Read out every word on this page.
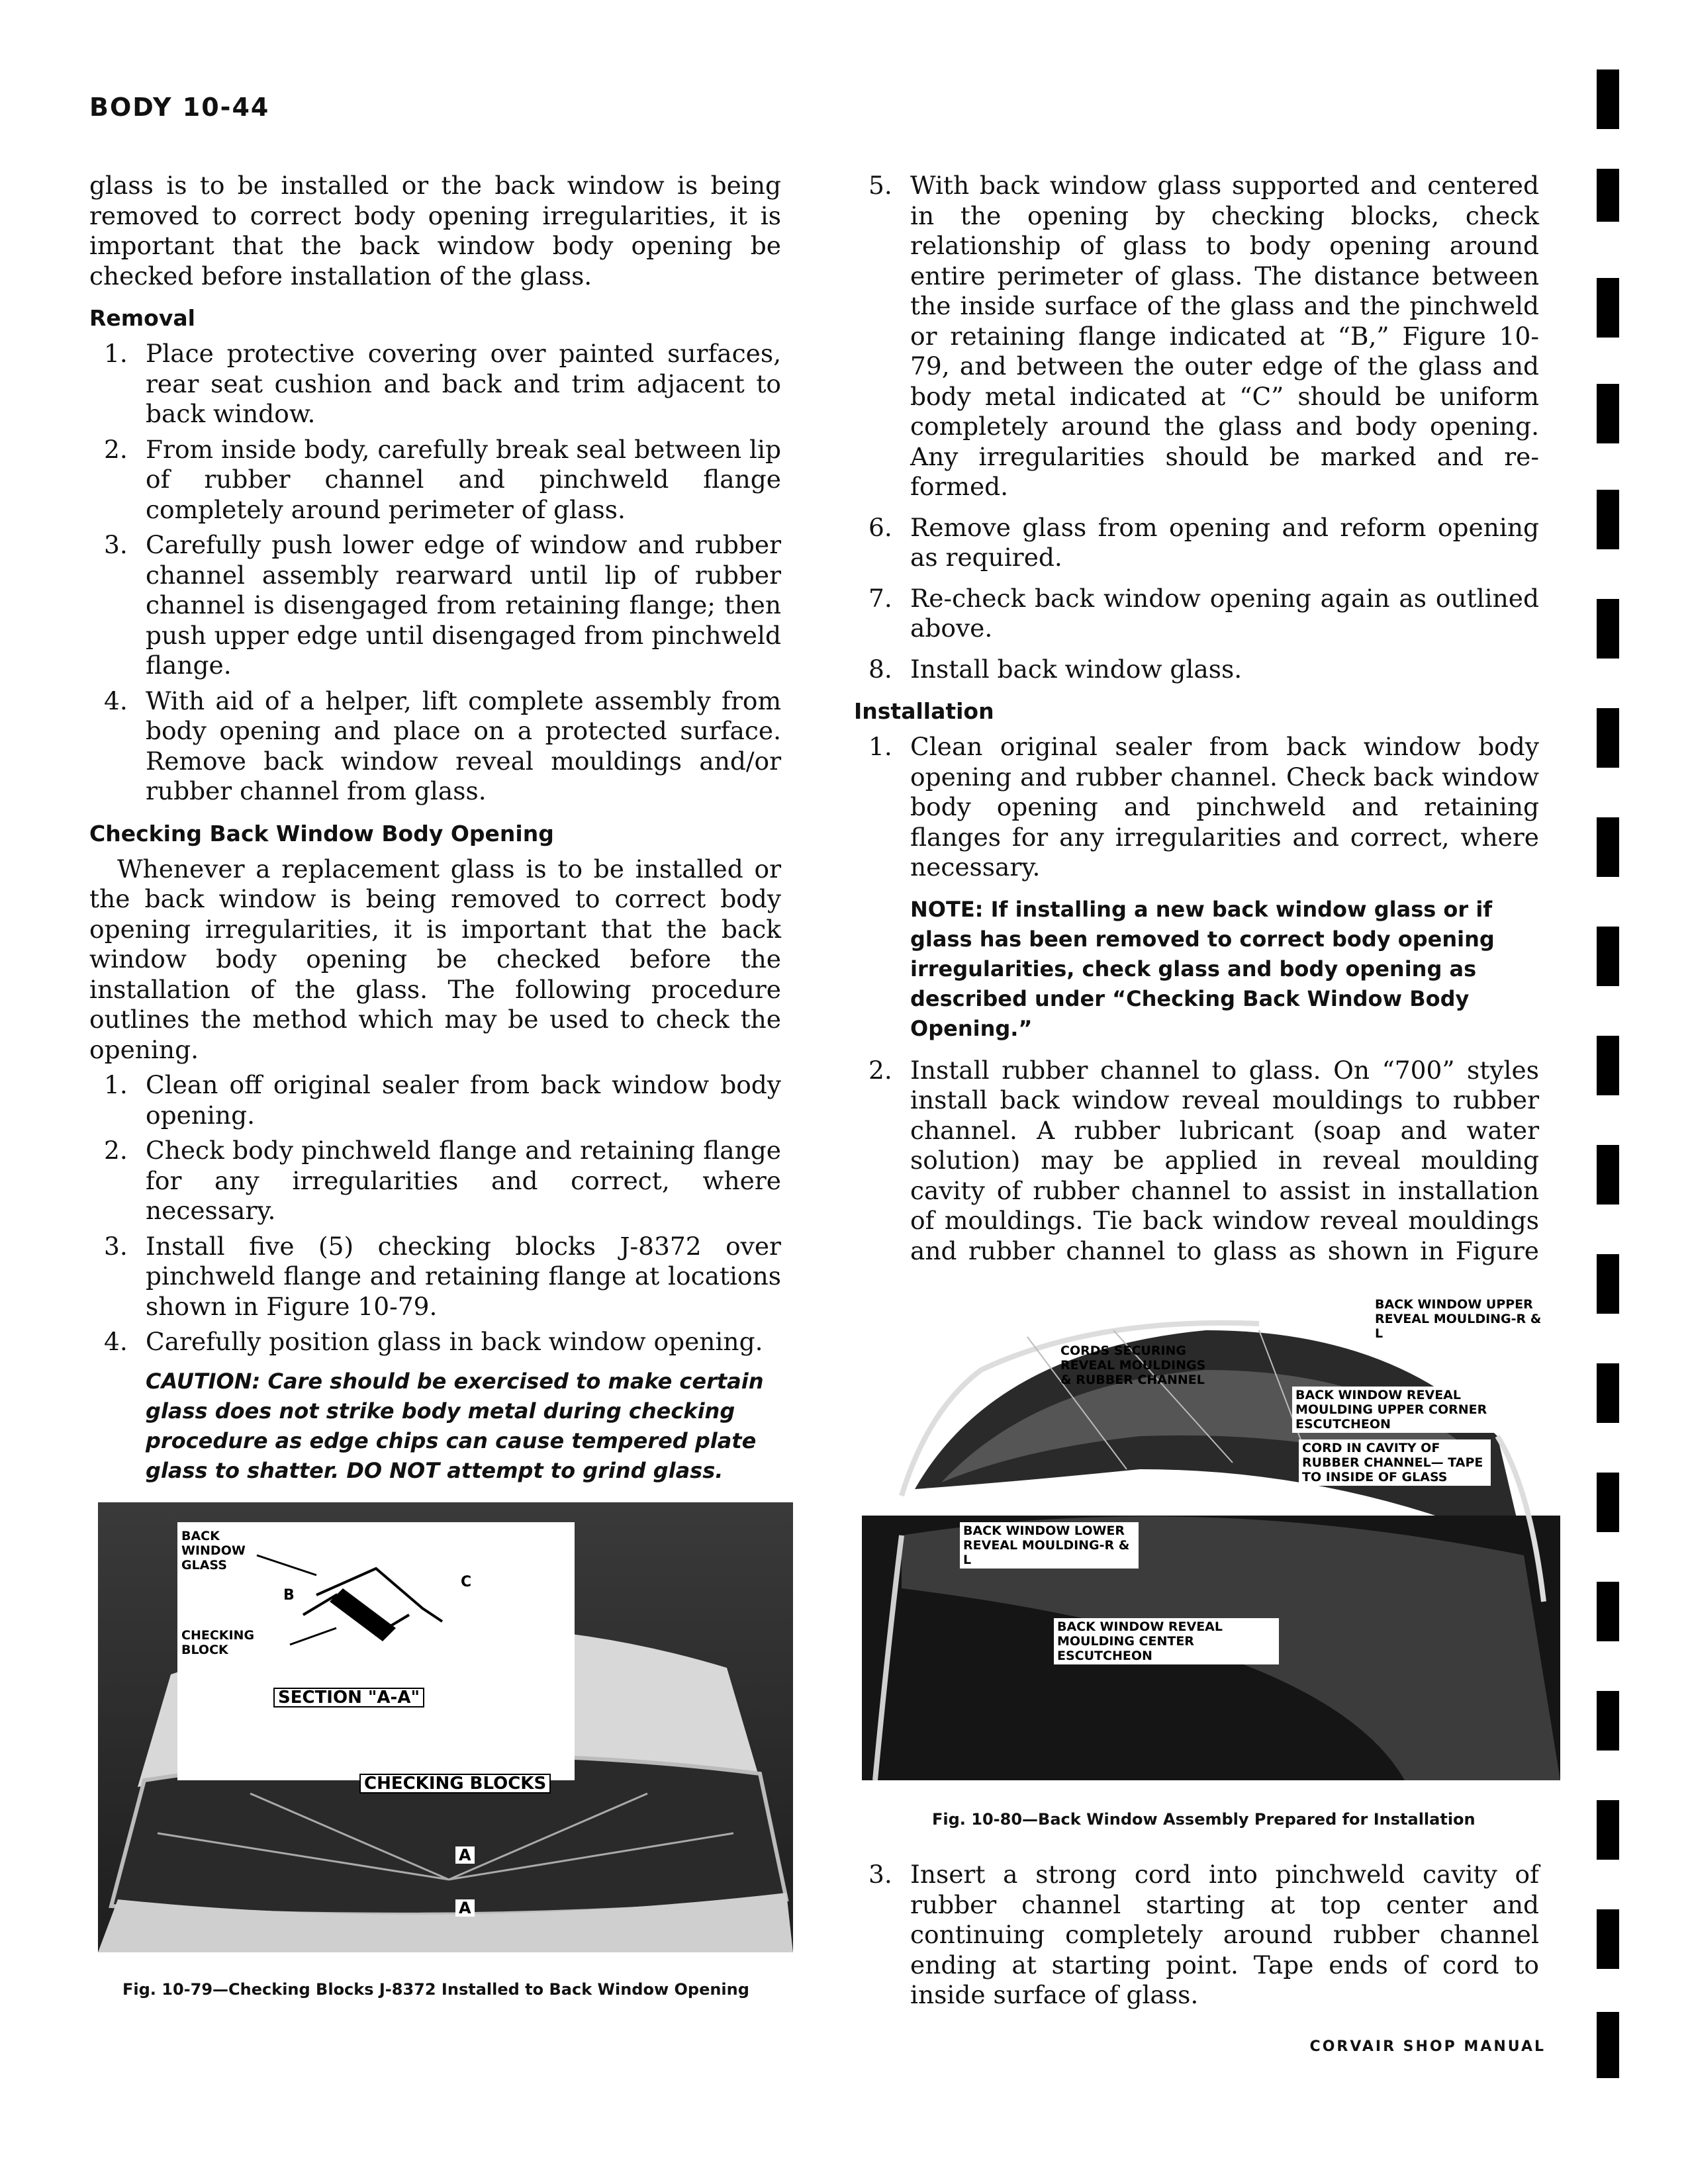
BODY 10-44
CORVAIR SHOP MANUAL

glass is to be installed or the back window is being removed to correct body opening irregularities, it is important that the back window body opening be checked before installation of the glass.

Removal
1. Place protective covering over painted surfaces, rear seat cushion and back and trim adjacent to back window.
2. From inside body, carefully break seal between lip of rubber channel and pinchweld flange completely around perimeter of glass.
3. Carefully push lower edge of window and rubber channel assembly rearward until lip of rubber channel is disengaged from retaining flange; then push upper edge until disengaged from pinchweld flange.
4. With aid of a helper, lift complete assembly from body opening and place on a protected surface. Remove back window reveal mouldings and/or rubber channel from glass.
Checking Back Window Body Opening

Whenever a replacement glass is to be installed or the back window is being removed to correct body opening irregularities, it is important that the back window body opening be checked before the installation of the glass. The following procedure outlines the method which may be used to check the opening.

1. Clean off original sealer from back window body opening.
2. Check body pinchweld flange and retaining flange for any irregularities and correct, where necessary.
3. Install five (5) checking blocks J-8372 over pinchweld flange and retaining flange at locations shown in Figure 10-79.
4. Carefully position glass in back window opening.
CAUTION: Care should be exercised to make certain glass does not strike body metal during checking procedure as edge chips can cause tempered plate glass to shatter. DO NOT attempt to grind glass.
BACK WINDOW GLASS
CHECKING BLOCK
B
C
SECTION "A-A"
CHECKING BLOCKS
A
A
Fig. 10-79—Checking Blocks J-8372 Installed to Back Window Opening
5. With back window glass supported and centered in the opening by checking blocks, check relationship of glass to body opening around entire perimeter of glass. The distance between the inside surface of the glass and the pinchweld or retaining flange indicated at “B,” Figure 10-79, and between the outer edge of the glass and body metal indicated at “C” should be uniform completely around the glass and body opening. Any irregularities should be marked and re-formed.
6. Remove glass from opening and reform opening as required.
7. Re-check back window opening again as outlined above.
8. Install back window glass.
Installation
1. Clean original sealer from back window body opening and rubber channel. Check back window body opening and pinchweld and retaining flanges for any irregularities and correct, where necessary.
NOTE: If installing a new back window glass or if glass has been removed to correct body opening irregularities, check glass and body opening as described under “Checking Back Window Body Opening.”
2. Install rubber channel to glass. On “700” styles install back window reveal mouldings to rubber channel. A rubber lubricant (soap and water solution) may be applied in reveal moulding cavity of rubber channel to assist in installation of mouldings. Tie back window reveal mouldings and rubber channel to glass as shown in Figure
BACK WINDOW UPPER REVEAL MOULDING-R & L
CORDS SECURING REVEAL MOULDINGS & RUBBER CHANNEL
BACK WINDOW REVEAL MOULDING UPPER CORNER ESCUTCHEON
CORD IN CAVITY OF RUBBER CHANNEL— TAPE TO INSIDE OF GLASS
BACK WINDOW LOWER REVEAL MOULDING-R & L
BACK WINDOW REVEAL MOULDING CENTER ESCUTCHEON
Fig. 10-80—Back Window Assembly Prepared for Installation
3. Insert a strong cord into pinchweld cavity of rubber channel starting at top center and continuing completely around rubber channel ending at starting point. Tape ends of cord to inside surface of glass.
